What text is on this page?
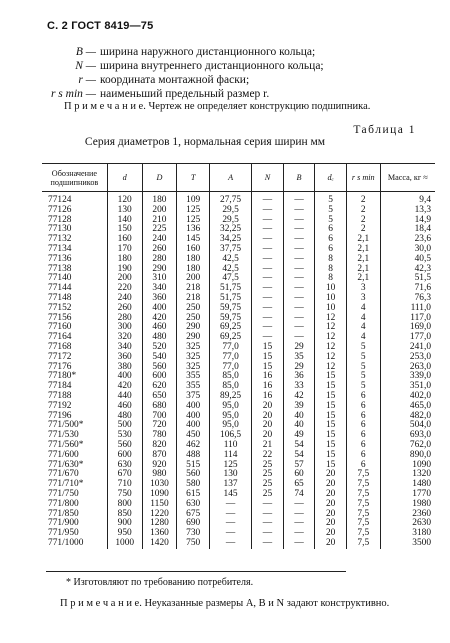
С. 2 ГОСТ 8419—75
B — ширина наружного дистанционного кольца;
N — ширина внутреннего дистанционного кольца;
r — координата монтажной фаски;
r s min — наименьший предельный размер r.
П р и м е ч а н и е. Чертеж не определяет конструкцию подшипника.
Таблица 1
Серия диаметров 1, нормальная серия ширин мм
Обозначение подшипников	d	D	T	A	N	B	dₑ	r s min	Масса, кг ≈
77124	120	180	109	27,75	—	—	5	2	9,4
77126	130	200	125	29,5	—	—	5	2	13,3
77128	140	210	125	29,5	—	—	5	2	14,9
77130	150	225	136	32,25	—	—	6	2	18,4
77132	160	240	145	34,25	—	—	6	2,1	23,6
77134	170	260	160	37,75	—	—	6	2,1	30,0
77136	180	280	180	42,5	—	—	8	2,1	40,5
77138	190	290	180	42,5	—	—	8	2,1	42,3
77140	200	310	200	47,5	—	—	8	2,1	51,5
77144	220	340	218	51,75	—	—	10	3	71,6
77148	240	360	218	51,75	—	—	10	3	76,3
77152	260	400	250	59,75	—	—	10	4	111,0
77156	280	420	250	59,75	—	—	12	4	117,0
77160	300	460	290	69,25	—	—	12	4	169,0
77164	320	480	290	69,25	—	—	12	4	177,0
77168	340	520	325	77,0	15	29	12	5	241,0
77172	360	540	325	77,0	15	35	12	5	253,0
77176	380	560	325	77,0	15	29	12	5	263,0
77180*	400	600	355	85,0	16	36	15	5	339,0
77184	420	620	355	85,0	16	33	15	5	351,0
77188	440	650	375	89,25	16	42	15	6	402,0
77192	460	680	400	95,0	20	39	15	6	465,0
77196	480	700	400	95,0	20	40	15	6	482,0
771/500*	500	720	400	95,0	20	40	15	6	504,0
771/530	530	780	450	106,5	20	49	15	6	693,0
771/560*	560	820	462	110	21	54	15	6	762,0
771/600	600	870	488	114	22	54	15	6	890,0
771/630*	630	920	515	125	25	57	15	6	1090
771/670	670	980	560	130	25	60	20	7,5	1320
771/710*	710	1030	580	137	25	65	20	7,5	1480
771/750	750	1090	615	145	25	74	20	7,5	1770
771/800	800	1150	630	—	—	—	20	7,5	1980
771/850	850	1220	675	—	—	—	20	7,5	2360
771/900	900	1280	690	—	—	—	20	7,5	2630
771/950	950	1360	730	—	—	—	20	7,5	3180
771/1000	1000	1420	750	—	—	—	20	7,5	3500
* Изготовляют по требованию потребителя.
П р и м е ч а н и е. Неуказанные размеры A, B и N задают конструктивно.
